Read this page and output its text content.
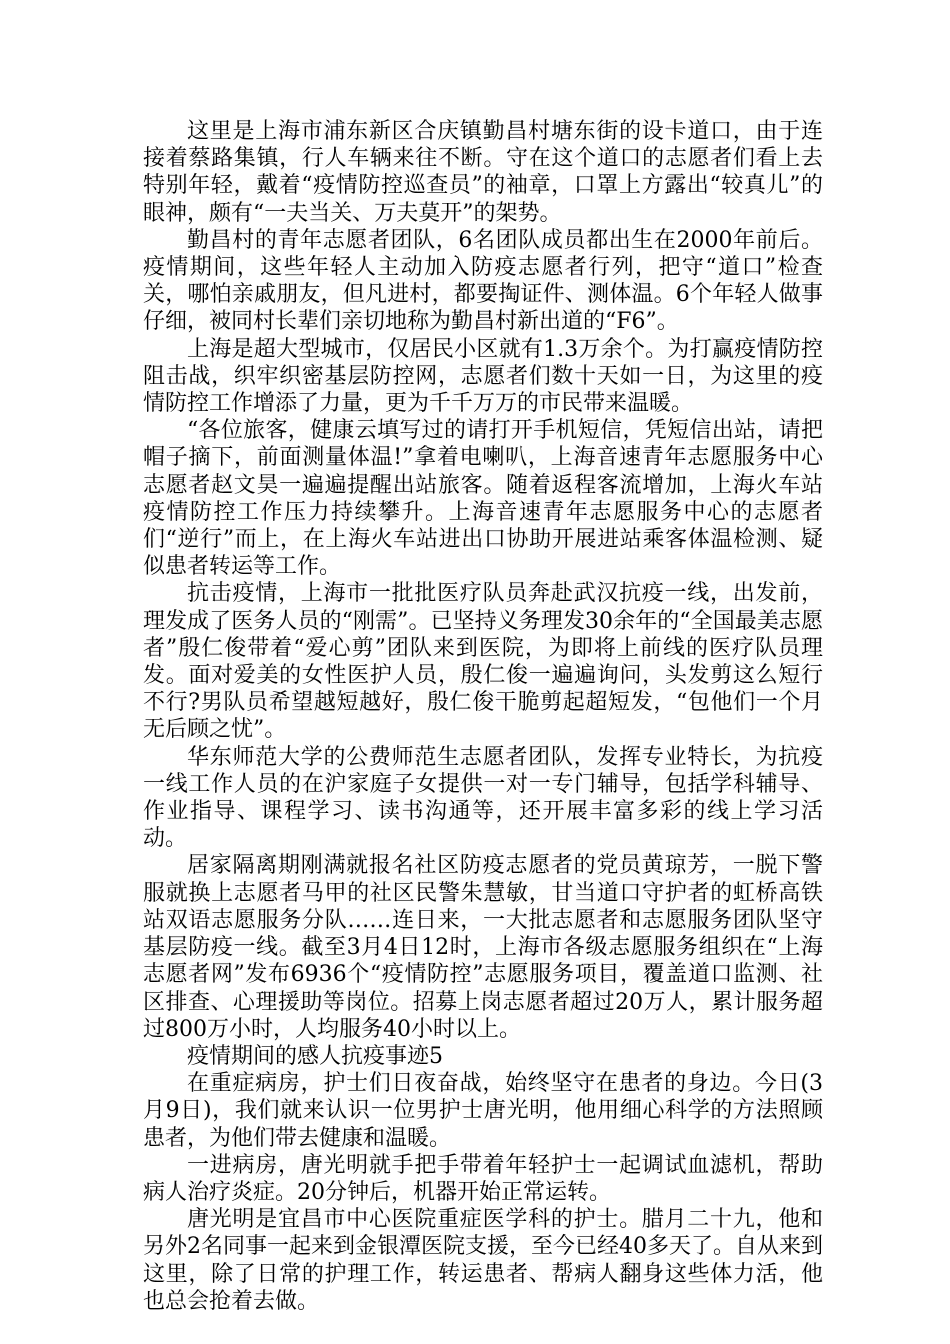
这里是上海市浦东新区合庆镇勤昌村塘东街的设卡道口，由于连接着蔡路集镇，行人车辆来往不断。守在这个道口的志愿者们看上去特别年轻，戴着“疫情防控巡查员”的袖章，口罩上方露出“较真儿”的眼神，颇有“一夫当关、万夫莫开”的架势。

勤昌村的青年志愿者团队，6名团队成员都出生在2000年前后。疫情期间，这些年轻人主动加入防疫志愿者行列，把守“道口”检查关，哪怕亲戚朋友，但凡进村，都要掏证件、测体温。6个年轻人做事仔细，被同村长辈们亲切地称为勤昌村新出道的“F6”。

上海是超大型城市，仅居民小区就有1.3万余个。为打赢疫情防控阻击战，织牢织密基层防控网，志愿者们数十天如一日，为这里的疫情防控工作增添了力量，更为千千万万的市民带来温暖。

“各位旅客，健康云填写过的请打开手机短信，凭短信出站，请把帽子摘下，前面测量体温!”拿着电喇叭，上海音速青年志愿服务中心志愿者赵文昊一遍遍提醒出站旅客。随着返程客流增加，上海火车站疫情防控工作压力持续攀升。上海音速青年志愿服务中心的志愿者们“逆行”而上，在上海火车站进出口协助开展进站乘客体温检测、疑似患者转运等工作。

抗击疫情，上海市一批批医疗队员奔赴武汉抗疫一线，出发前，理发成了医务人员的“刚需”。已坚持义务理发30余年的“全国最美志愿者”殷仁俊带着“爱心剪”团队来到医院，为即将上前线的医疗队员理发。面对爱美的女性医护人员，殷仁俊一遍遍询问，头发剪这么短行不行?男队员希望越短越好，殷仁俊干脆剪起超短发，“包他们一个月无后顾之忧”。

华东师范大学的公费师范生志愿者团队，发挥专业特长，为抗疫一线工作人员的在沪家庭子女提供一对一专门辅导，包括学科辅导、作业指导、课程学习、读书沟通等，还开展丰富多彩的线上学习活动。

居家隔离期刚满就报名社区防疫志愿者的党员黄琼芳，一脱下警服就换上志愿者马甲的社区民警朱慧敏，甘当道口守护者的虹桥高铁站双语志愿服务分队……连日来，一大批志愿者和志愿服务团队坚守基层防疫一线。截至3月4日12时，上海市各级志愿服务组织在“上海志愿者网”发布6936个“疫情防控”志愿服务项目，覆盖道口监测、社区排查、心理援助等岗位。招募上岗志愿者超过20万人，累计服务超过800万小时，人均服务40小时以上。

疫情期间的感人抗疫事迹5

在重症病房，护士们日夜奋战，始终坚守在患者的身边。今日(3月9日)，我们就来认识一位男护士唐光明，他用细心科学的方法照顾患者，为他们带去健康和温暖。

一进病房，唐光明就手把手带着年轻护士一起调试血滤机，帮助病人治疗炎症。20分钟后，机器开始正常运转。

唐光明是宜昌市中心医院重症医学科的护士。腊月二十九，他和另外2名同事一起来到金银潭医院支援，至今已经40多天了。自从来到这里，除了日常的护理工作，转运患者、帮病人翻身这些体力活，他也总会抢着去做。
